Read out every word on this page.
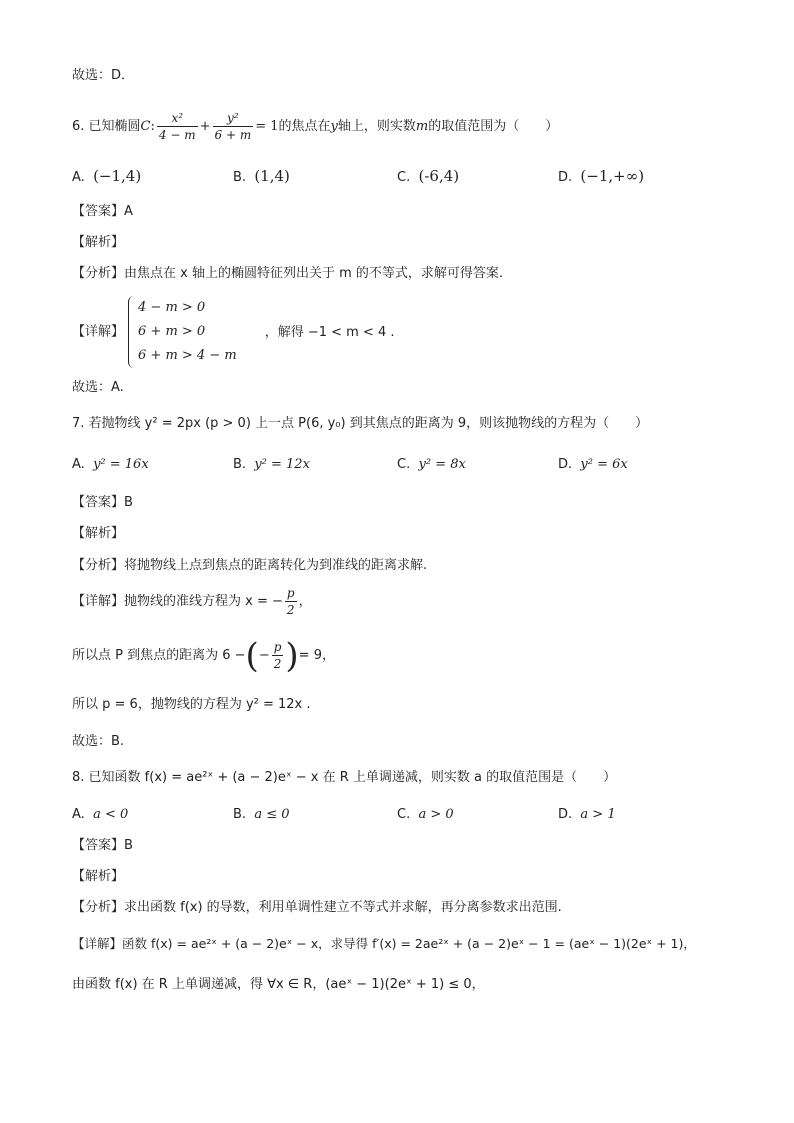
故选：D．
6. 已知椭圆C: $\frac{\text{x²}}{4 - m} + \frac{\text{y²}}{6 + m} = 1$的焦点在y轴上，则实数m的取值范围为（　　）
A. (−1,4)	B. (1,4)	C. (-6,4)	D. (−1,+∞)
【答案】A
【解析】
【分析】由焦点在 x 轴上的椭圆特征列出关于 m 的不等式，求解可得答案.
【详解】
4 − m > 0
6 + m > 0
6 + m > 4 − m
，解得 −1 < m < 4 .
故选：A.
7. 若抛物线 y² = 2px (p > 0) 上一点 P(6, y₀) 到其焦点的距离为 9，则该抛物线的方程为（　　）
A. y² = 16x	B. y² = 12x	C. y² = 8x	D. y² = 6x
【答案】B
【解析】
【分析】将抛物线上点到焦点的距离转化为到准线的距离求解.
【详解】抛物线的准线方程为 x = − $\frac{p}{2}$ ，
所以点 P 到焦点的距离为 6 −(− $\frac{p}{2}$ )= 9，
所以 p = 6，抛物线的方程为 y² = 12x .
故选：B.
8. 已知函数 f(x) = ae²ˣ + (a − 2)eˣ − x 在 R 上单调递减，则实数 a 的取值范围是（　　）
A. a < 0	B. a ≤ 0	C. a > 0	D. a > 1
【答案】B
【解析】
【分析】求出函数 f(x) 的导数，利用单调性建立不等式并求解，再分离参数求出范围.
【详解】函数 f(x) = ae²ˣ + (a − 2)eˣ − x，求导得 f′(x) = 2ae²ˣ + (a − 2)eˣ − 1 = (aeˣ − 1)(2eˣ + 1)，
由函数 f(x) 在 R 上单调递减，得 ∀x ∈ R，(aeˣ − 1)(2eˣ + 1) ≤ 0，
